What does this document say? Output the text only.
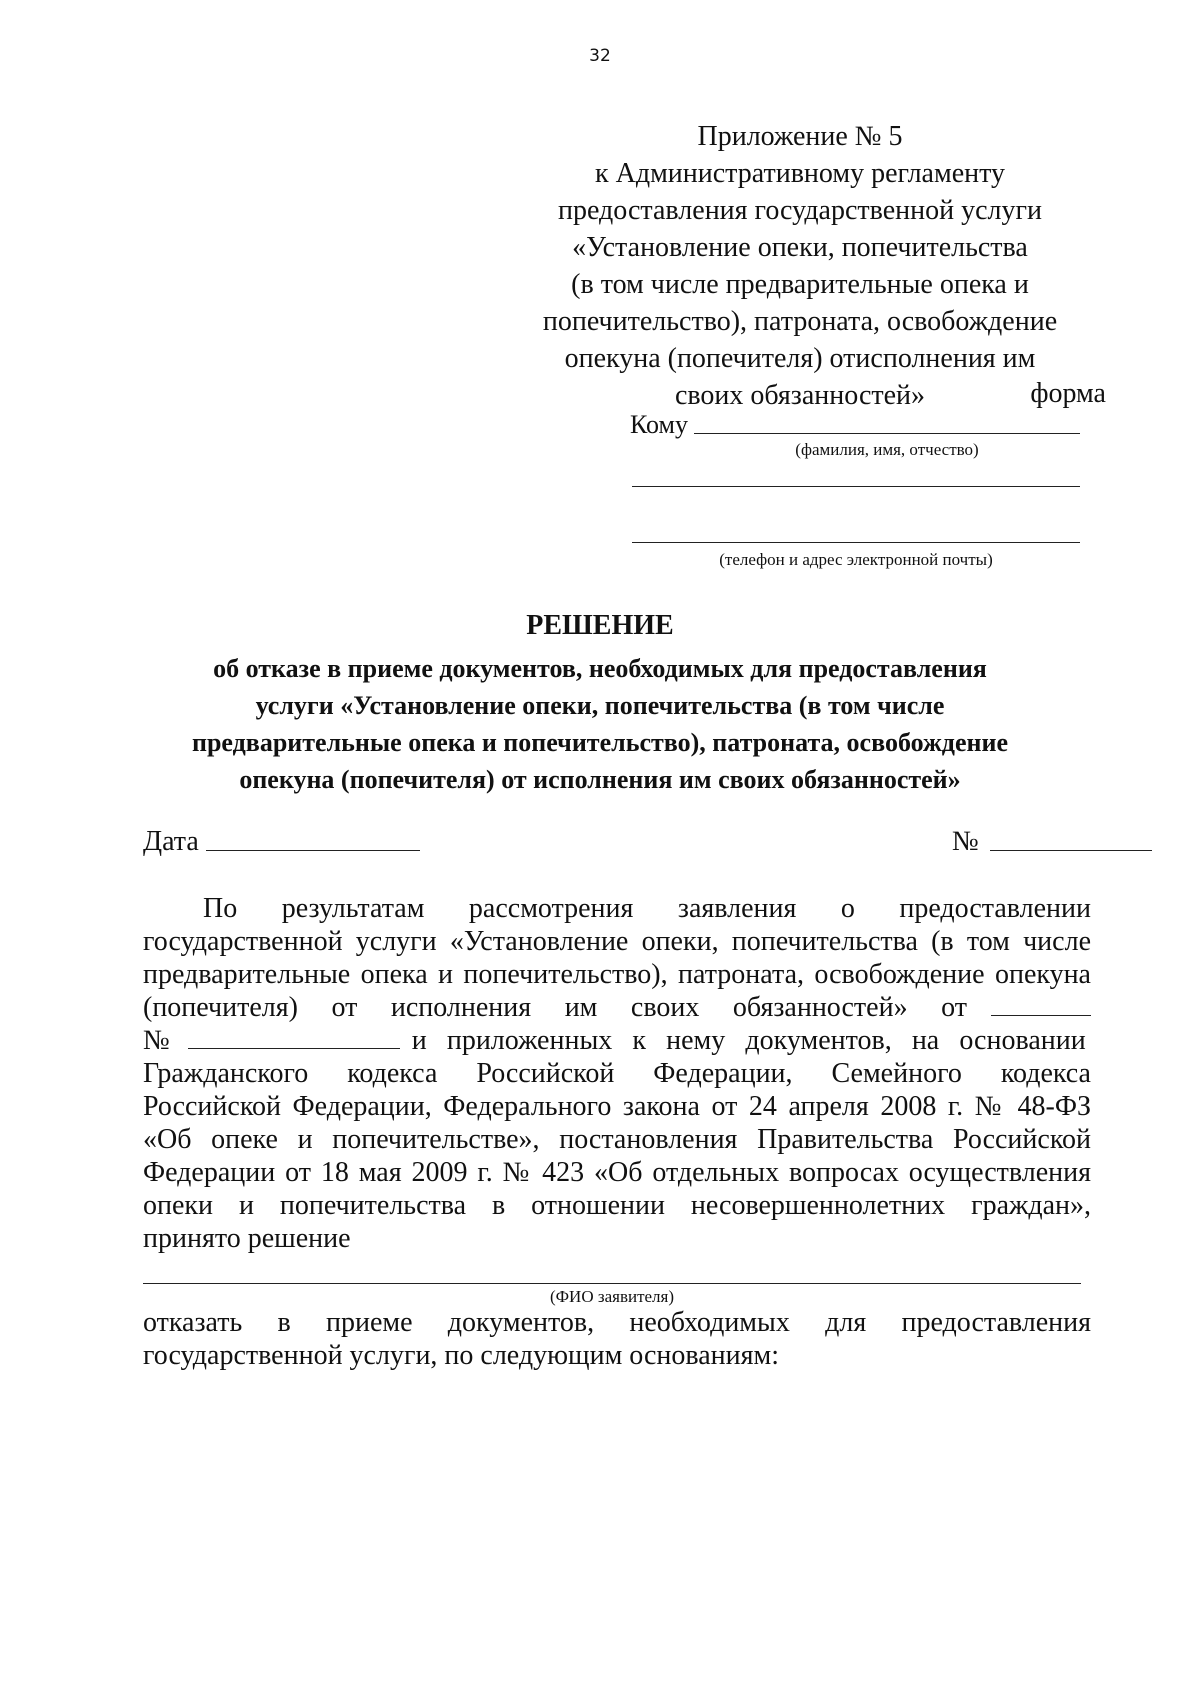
32
Приложение № 5
к Административному регламенту
предоставления государственной услуги
«Установление опеки, попечительства
(в том числе предварительные опека и
попечительство), патроната, освобождение
опекуна (попечителя) отисполнения им
своих обязанностей»	форма
Кому
(фамилия, имя, отчество)
(телефон и адрес электронной почты)
РЕШЕНИЕ
об отказе в приеме документов, необходимых для предоставления
услуги «Установление опеки, попечительства (в том числе
предварительные опека и попечительство), патроната, освобождение
опекуна (попечителя) от исполнения им своих обязанностей»
Дата	№
По результатам рассмотрения заявления о предоставлении
государственной услуги «Установление опеки, попечительства (в том числе
предварительные опека и попечительство), патроната, освобождение опекуна
(попечителя) от исполнения им своих обязанностей» от
№	и приложенных к нему документов, на основании
Гражданского кодекса Российской Федерации, Семейного кодекса
Российской Федерации, Федерального закона от 24 апреля 2008 г. № 48-ФЗ
«Об опеке и попечительстве», постановления Правительства Российской
Федерации от 18 мая 2009 г. № 423 «Об отдельных вопросах осуществления
опеки и попечительства в отношении несовершеннолетних граждан»,
принято решение
(ФИО заявителя)
отказать в приеме документов, необходимых для предоставления
государственной услуги, по следующим основаниям:
